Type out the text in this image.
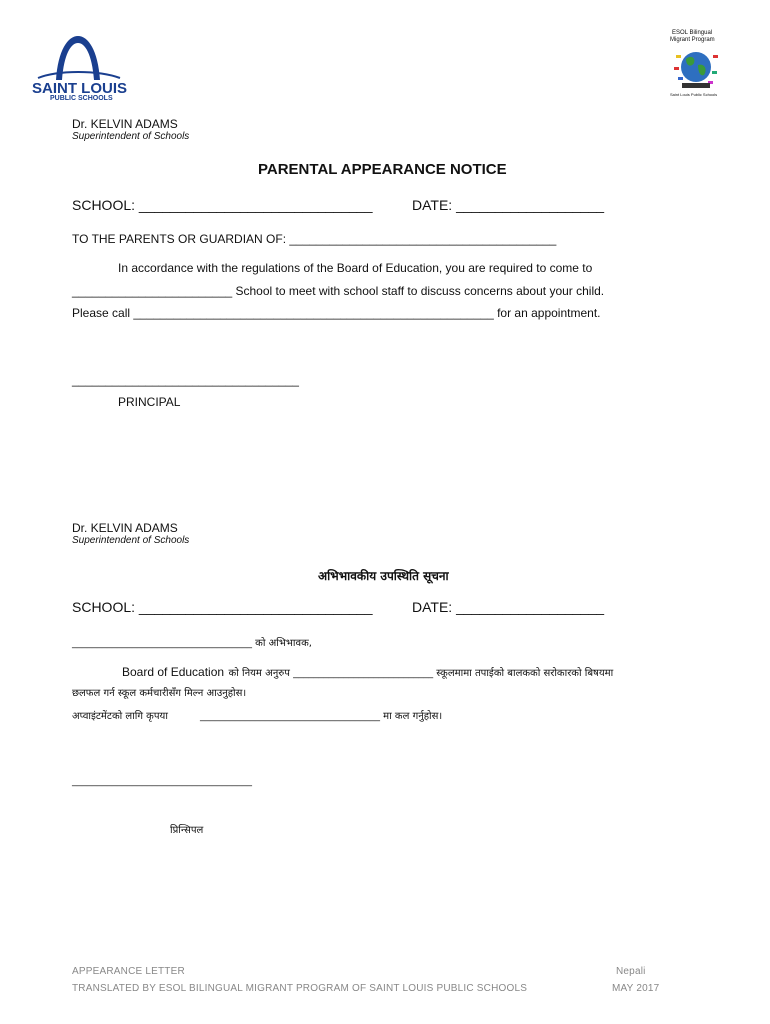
SAINT LOUIS
PUBLIC SCHOOLS
ESOL Bilingual
Migrant Program
Saint Louis Public Schools
Dr. KELVIN ADAMS
Superintendent of Schools
PARENTAL APPEARANCE NOTICE
SCHOOL: ______________________________	DATE: ___________________
TO THE PARENTS OR GUARDIAN OF: ________________________________________
In accordance with the regulations of the Board of Education, you are required to come to
________________________ School to meet with school staff to discuss concerns about your child.
Please call ______________________________________________________ for an appointment.
__________________________________
PRINCIPAL
Dr. KELVIN ADAMS
Superintendent of Schools
अभिभावकीय उपस्थिति सूचना
SCHOOL: ______________________________	DATE: ___________________
____________________________________ को अभिभावक,
Board of Education को नियम अनुरुप ____________________________ स्कूलमामा तपाईको बालकको सरोकारको बिषयमा
छलफल गर्न स्कूल कर्मचारीसँग मिल्न आउनुहोस।
अप्वाइंटमेंटको लागि कृपया	____________________________________ मा कल गर्नुहोस।
____________________________________
प्रिन्सिपल
APPEARANCE LETTER
TRANSLATED BY ESOL BILINGUAL MIGRANT PROGRAM OF SAINT LOUIS PUBLIC SCHOOLS
Nepali
MAY 2017
